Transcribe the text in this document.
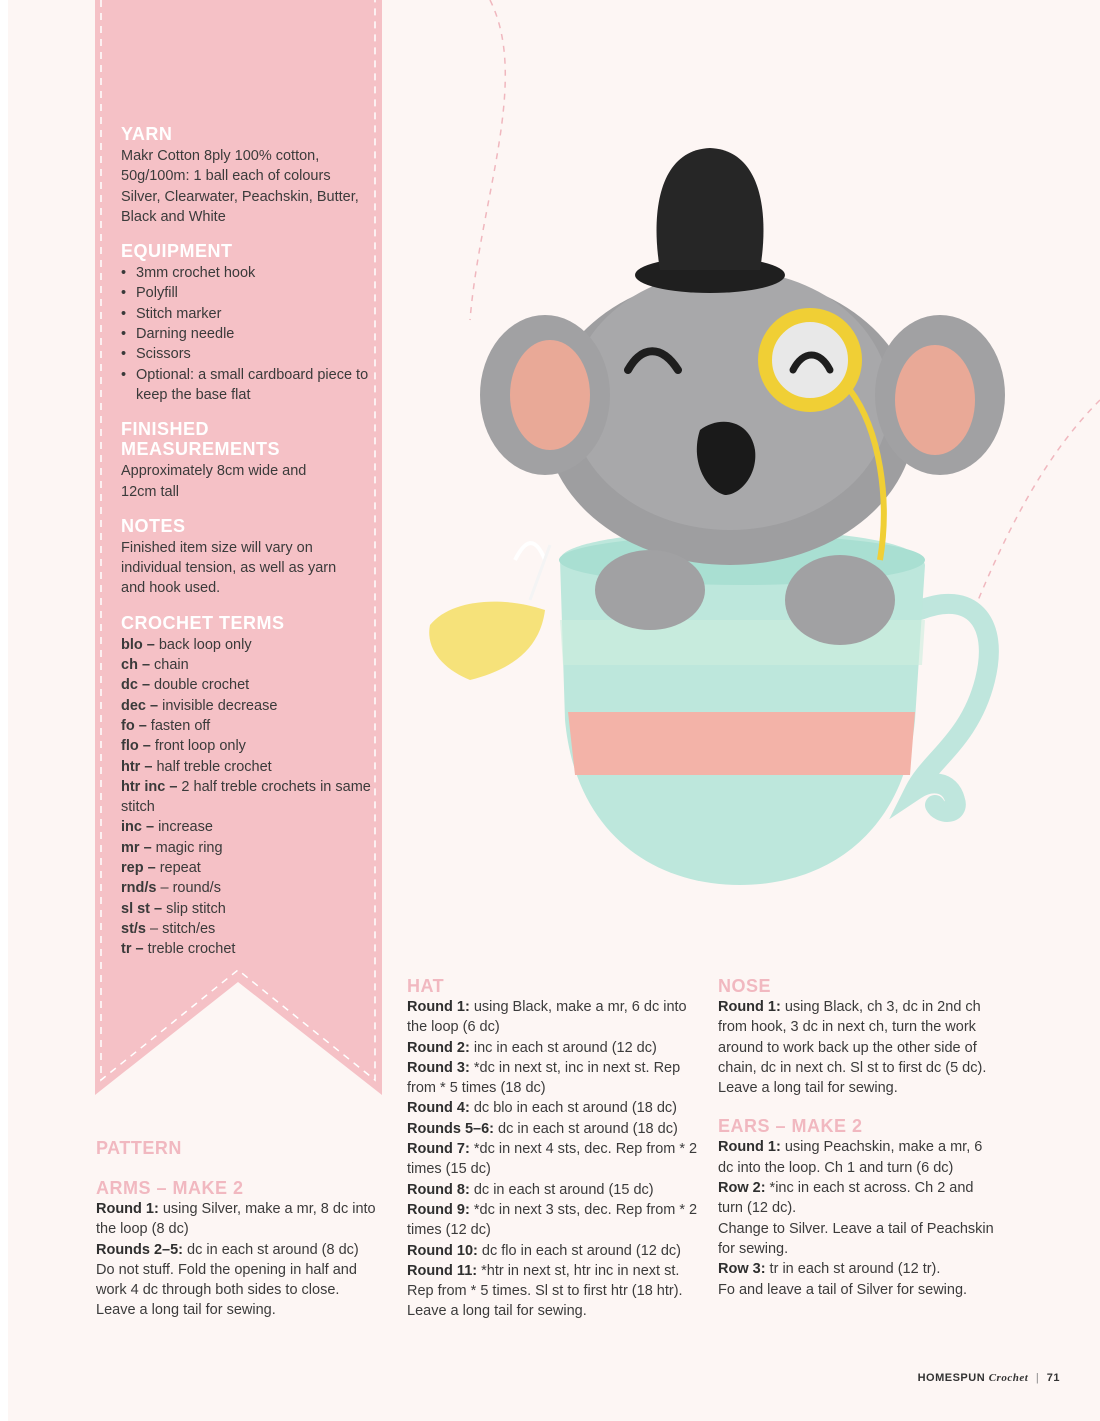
YARN

Makr Cotton 8ply 100% cotton, 50g/100m: 1 ball each of colours Silver, Clearwater, Peachskin, Butter, Black and White

EQUIPMENT

• 3mm crochet hook
• Polyfill
• Stitch marker
• Darning needle
• Scissors
• Optional: a small cardboard piece to keep the base flat

FINISHED MEASUREMENTS

Approximately 8cm wide and 12cm tall

NOTES

Finished item size will vary on individual tension, as well as yarn and hook used.

CROCHET TERMS

blo – back loop only
ch – chain
dc – double crochet
dec – invisible decrease
fo – fasten off
flo – front loop only
htr – half treble crochet
htr inc – 2 half treble crochets in same stitch
inc – increase
mr – magic ring
rep – repeat
rnd/s – round/s
sl st – slip stitch
st/s – stitch/es
tr – treble crochet
PATTERN
ARMS – MAKE 2

Round 1: using Silver, make a mr, 8 dc into the loop (8 dc)

Rounds 2–5: dc in each st around (8 dc)

Do not stuff. Fold the opening in half and work 4 dc through both sides to close. Leave a long tail for sewing.

HAT

Round 1: using Black, make a mr, 6 dc into the loop (6 dc)

Round 2: inc in each st around (12 dc)

Round 3: *dc in next st, inc in next st. Rep from * 5 times (18 dc)

Round 4: dc blo in each st around (18 dc)

Rounds 5–6: dc in each st around (18 dc)

Round 7: *dc in next 4 sts, dec. Rep from * 2 times (15 dc)

Round 8: dc in each st around (15 dc)

Round 9: *dc in next 3 sts, dec. Rep from * 2 times (12 dc)

Round 10: dc flo in each st around (12 dc)

Round 11: *htr in next st, htr inc in next st. Rep from * 5 times. Sl st to first htr (18 htr).

Leave a long tail for sewing.

NOSE

Round 1: using Black, ch 3, dc in 2nd ch from hook, 3 dc in next ch, turn the work around to work back up the other side of chain, dc in next ch. Sl st to first dc (5 dc).

Leave a long tail for sewing.

EARS – MAKE 2

Round 1: using Peachskin, make a mr, 6 dc into the loop. Ch 1 and turn (6 dc)

Row 2: *inc in each st across. Ch 2 and turn (12 dc).

Change to Silver. Leave a tail of Peachskin for sewing.

Row 3: tr in each st around (12 tr).

Fo and leave a tail of Silver for sewing.

HOMESPUN Crochet | 71
